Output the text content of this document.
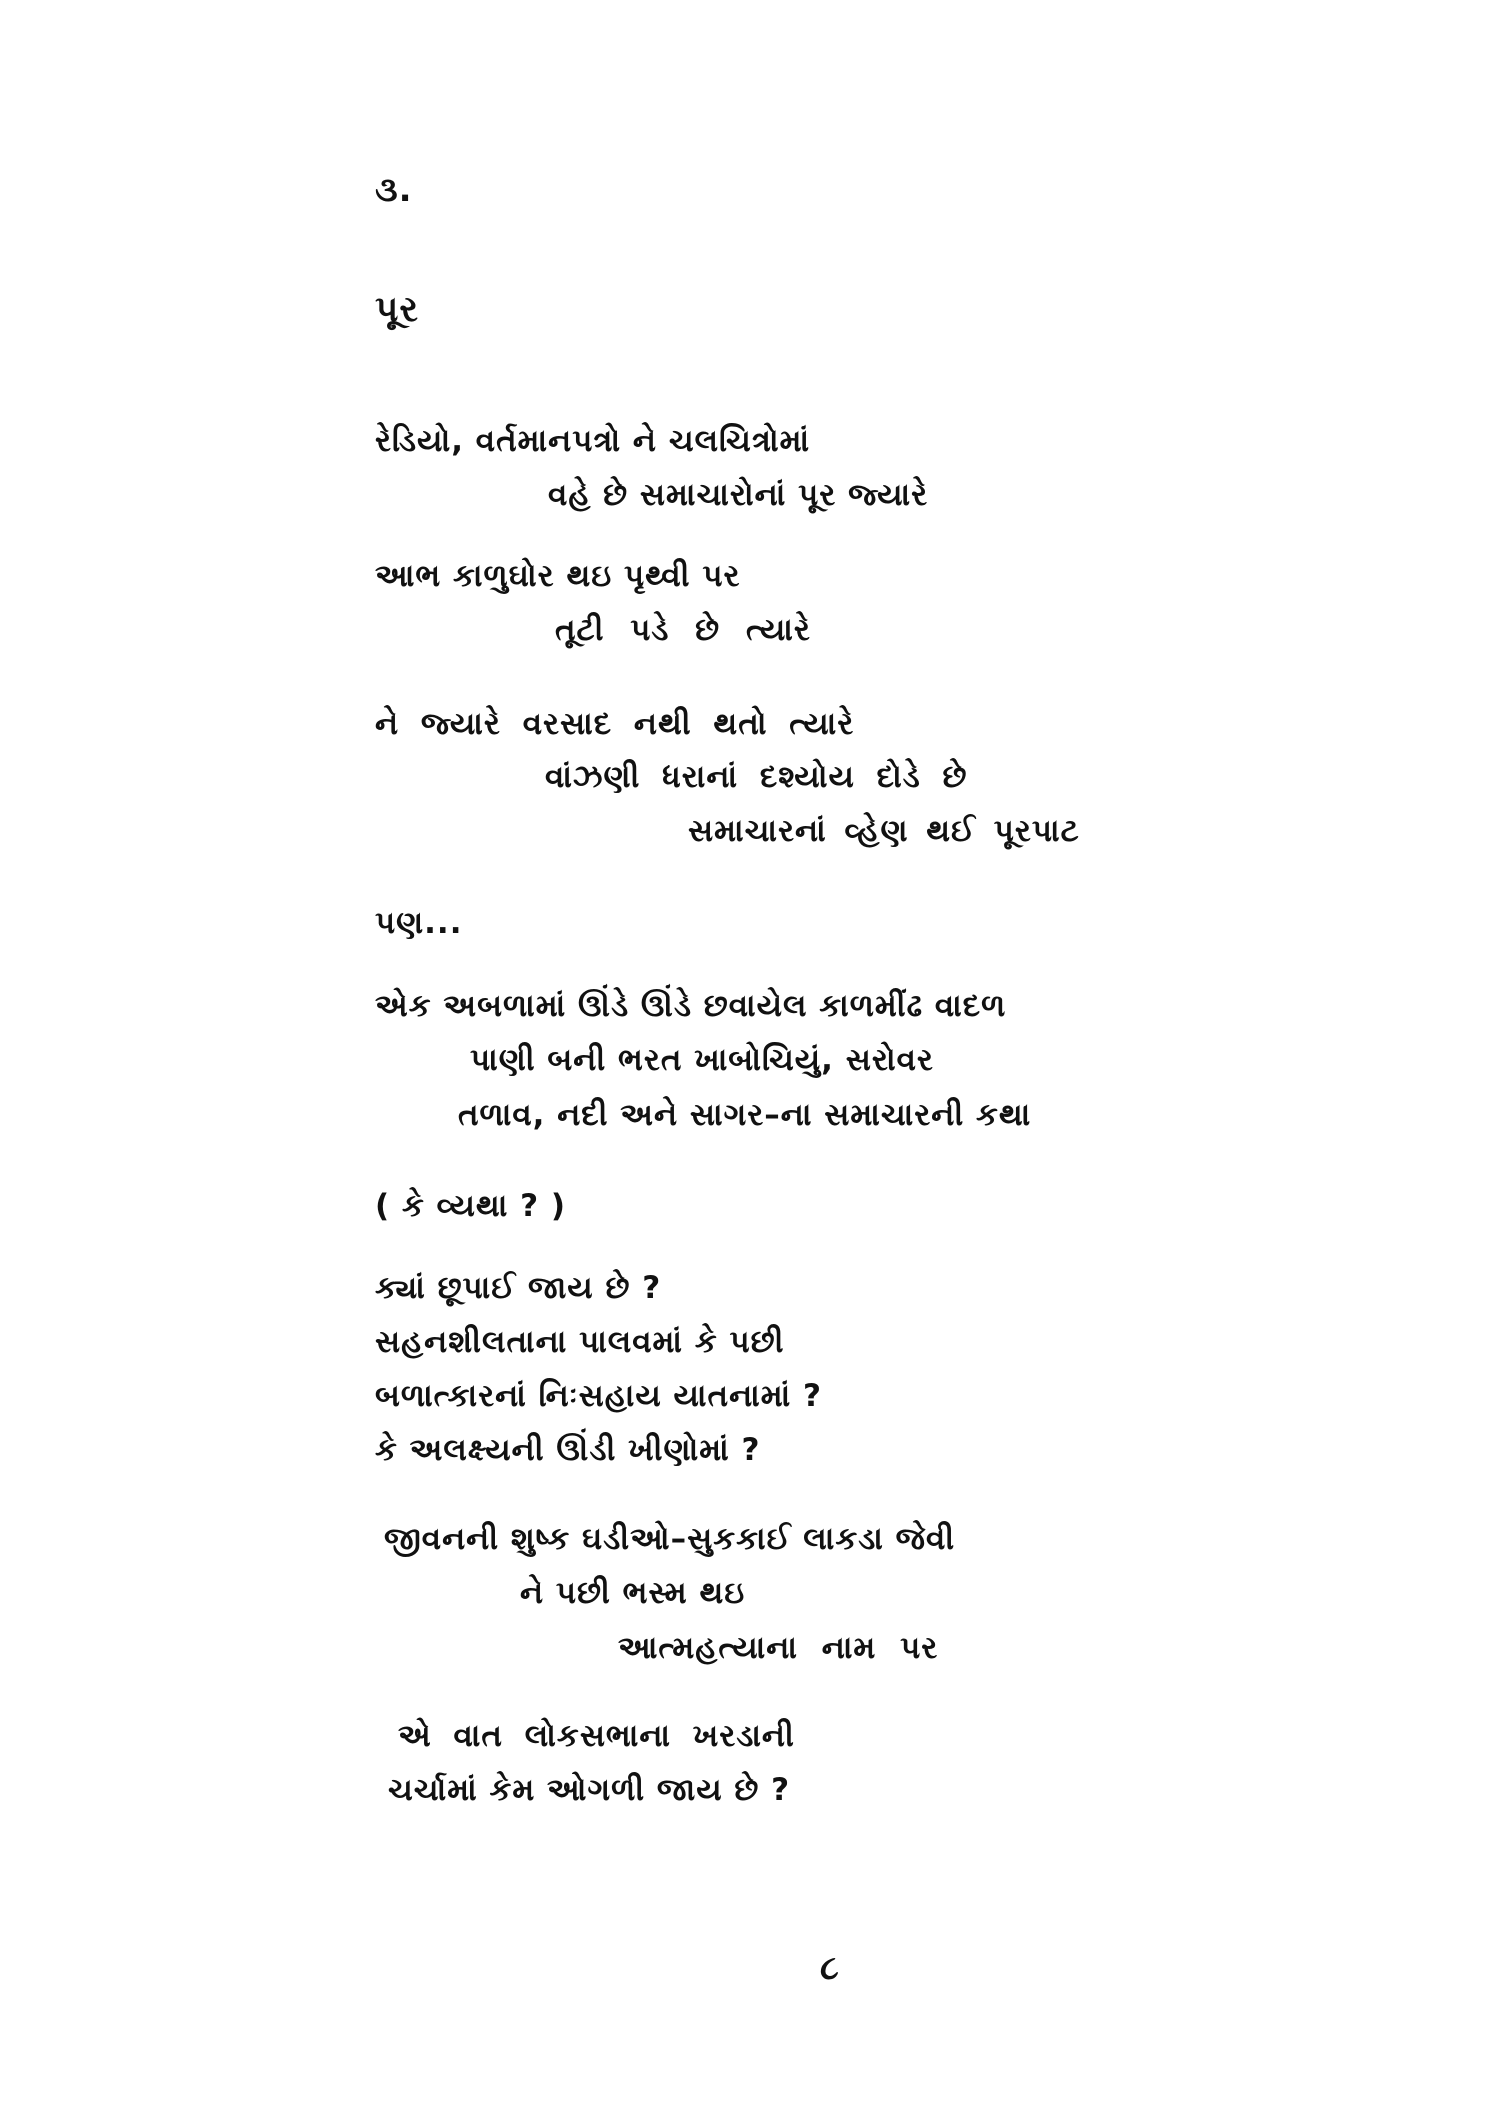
૩.
પૂર
રેડિયો, વર્તમાનપત્રો ને ચલચિત્રોમાં
વહે છે સમાચારોનાં પૂર જ્યારે
આભ કાળુઘોર થઇ પૃથ્વી પર
તૂટી પડે છે ત્યારે
ને જ્યારે વરસાદ નથી થતો ત્યારે
વાંઝણી ધરાનાં દશ્યોય દોડે છે
સમાચારનાં વ્હેણ થઈ પૂરપાટ
પણ...
એક અબળામાં ઊંડે ઊંડે છવાયેલ કાળમીંઢ વાદળ
પાણી બની ભરત ખાબોચિયું, સરોવર
તળાવ, નદી અને સાગર–ના સમાચારની કથા
( કે વ્યથા ? )
ક્યાં છૂપાઈ જાય છે ?
સહનશીલતાના પાલવમાં કે પછી
બળાત્કારનાં નિઃસહાય યાતનામાં ?
કે અલક્ષ્યની ઊંડી ખીણોમાં ?
જીવનની શુષ્ક ઘડીઓ–સુકકાઈ લાકડા જેવી
ને પછી ભસ્મ થઇ
આત્મહત્યાના નામ પર
એ વાત લોકસભાના ખરડાની
ચર્ચામાં કેમ ઓગળી જાય છે ?
૮
